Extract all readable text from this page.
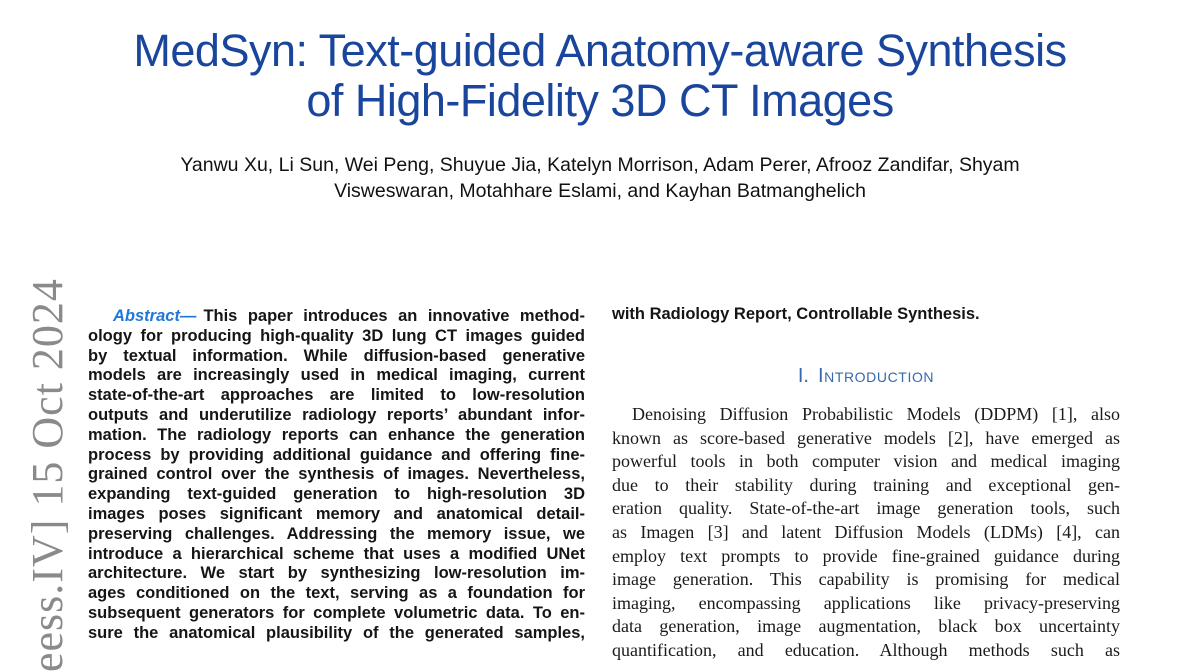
eess.IV] 15 Oct 2024
MedSyn: Text-guided Anatomy-aware Synthesis
of High-Fidelity 3D CT Images
Yanwu Xu, Li Sun, Wei Peng, Shuyue Jia, Katelyn Morrison, Adam Perer, Afrooz Zandifar, Shyam
Visweswaran, Motahhare Eslami, and Kayhan Batmanghelich
Abstract— This paper introduces an innovative method-
ology for producing high-quality 3D lung CT images guided
by textual information. While diffusion-based generative
models are increasingly used in medical imaging, current
state-of-the-art approaches are limited to low-resolution
outputs and underutilize radiology reports’ abundant infor-
mation. The radiology reports can enhance the generation
process by providing additional guidance and offering fine-
grained control over the synthesis of images. Nevertheless,
expanding text-guided generation to high-resolution 3D
images poses significant memory and anatomical detail-
preserving challenges. Addressing the memory issue, we
introduce a hierarchical scheme that uses a modified UNet
architecture. We start by synthesizing low-resolution im-
ages conditioned on the text, serving as a foundation for
subsequent generators for complete volumetric data. To en-
sure the anatomical plausibility of the generated samples,
with Radiology Report, Controllable Synthesis.
I. Introduction
Denoising Diffusion Probabilistic Models (DDPM) [1], also
known as score-based generative models [2], have emerged as
powerful tools in both computer vision and medical imaging
due to their stability during training and exceptional gen-
eration quality. State-of-the-art image generation tools, such
as Imagen [3] and latent Diffusion Models (LDMs) [4], can
employ text prompts to provide fine-grained guidance during
image generation. This capability is promising for medical
imaging, encompassing applications like privacy-preserving
data generation, image augmentation, black box uncertainty
quantification, and education. Although methods such as
